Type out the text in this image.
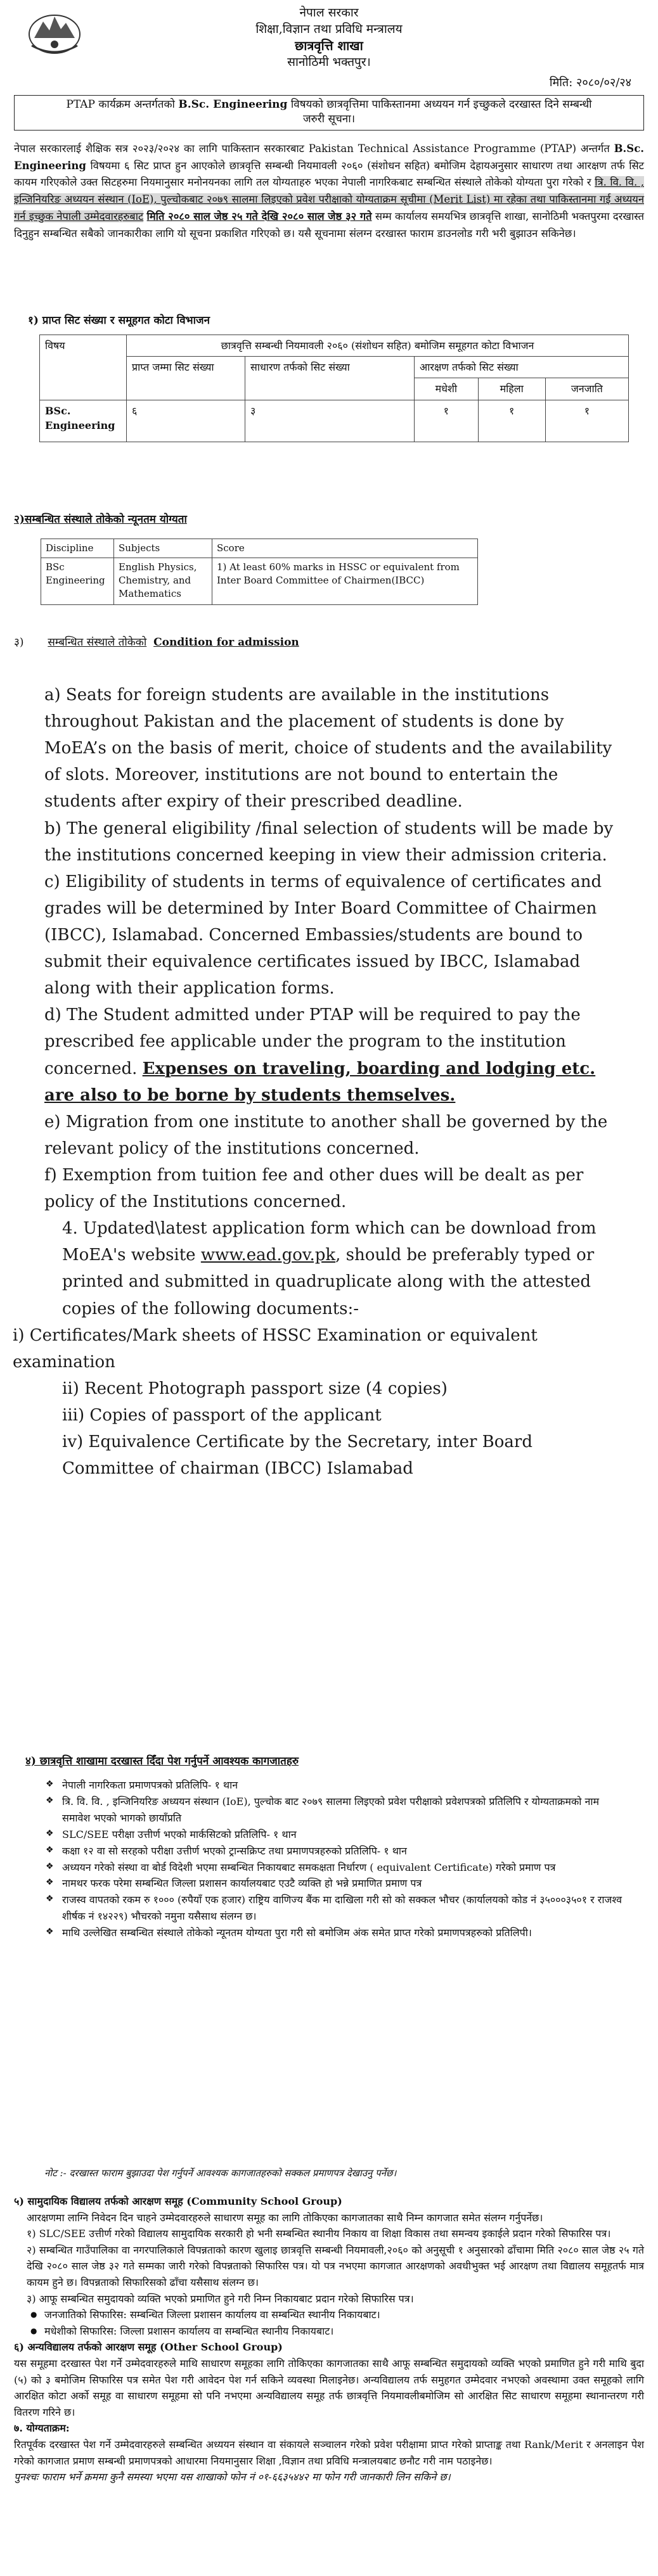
नेपाल सरकार
शिक्षा,विज्ञान तथा प्रविधि मन्त्रालय
छात्रवृत्ति शाखा
सानोठिमी भक्तपुर।
मिति: २०८०/०२/२४
PTAP कार्यक्रम अन्तर्गतको B.Sc. Engineering विषयको छात्रवृत्तिमा पाकिस्तानमा अध्ययन गर्न इच्छुकले दरखास्त दिने सम्बन्धी
जरुरी सूचना।
नेपाल सरकारलाई शैक्षिक सत्र २०२३/२०२४ का लागि पाकिस्तान सरकारबाट Pakistan Technical Assistance Programme (PTAP) अन्तर्गत B.Sc. Engineering विषयमा ६ सिट प्राप्त हुन आएकोले छात्रवृत्ति सम्बन्धी नियमावली २०६० (संशोधन सहित) बमोजिम देहायअनुसार साधारण तथा आरक्षण तर्फ सिट कायम गरिएकोले उक्त सिटहरुमा नियमानुसार मनोनयनका लागि तल योग्यताहरु भएका नेपाली नागरिकबाट सम्बन्धित संस्थाले तोकेको योग्यता पुरा गरेको र त्रि. वि. वि. , इन्जिनियरिङ अध्ययन संस्थान (IoE), पुल्चोकबाट २०७९ सालमा लिइएको प्रवेश परीक्षाको योग्यताक्रम सूचीमा (Merit List) मा रहेका तथा पाकिस्तानमा गई अध्ययन गर्न इच्छुक नेपाली उम्मेदवारहरुबाट मिति २०८० साल जेष्ठ २५ गते देखि २०८० साल जेष्ठ ३२ गते सम्म कार्यालय समयभित्र छात्रवृत्ति शाखा, सानोठिमी भक्तपुरमा दरखास्त दिनुहुन सम्बन्धित सबैको जानकारीका लागि यो सूचना प्रकाशित गरिएको छ। यसै सूचनामा संलग्न दरखास्त फाराम डाउनलोड गरी भरी बुझाउन सकिनेछ।
१) प्राप्त सिट संख्या र समूहगत कोटा विभाजन
विषय	छात्रवृत्ति सम्बन्धी नियमावली २०६० (संशोधन सहित) बमोजिम समूहगत कोटा विभाजन				
	प्राप्त जम्मा सिट संख्या	साधारण तर्फको सिट संख्या	आरक्षण तर्फको सिट संख्या		
			मधेशी	महिला	जनजाति
BSc. Engineering	६	३	१	१	१
२)सम्बन्धित संस्थाले तोकेको न्यूनतम योग्यता
Discipline	Subjects	Score
BSc Engineering	English Physics, Chemistry, and Mathematics	1) At least 60% marks in HSSC or equivalent from Inter Board Committee of Chairmen(IBCC)
३) सम्बन्धित संस्थाले तोकेको Condition for admission

a) Seats for foreign students are available in the institutions throughout Pakistan and the placement of students is done by MoEA’s on the basis of merit, choice of students and the availability of slots. Moreover, institutions are not bound to entertain the students after expiry of their prescribed deadline.

b) The general eligibility /final selection of students will be made by the institutions concerned keeping in view their admission criteria.

c) Eligibility of students in terms of equivalence of certificates and grades will be determined by Inter Board Committee of Chairmen (IBCC), Islamabad. Concerned Embassies/students are bound to submit their equivalence certificates issued by IBCC, Islamabad along with their application forms.

d) The Student admitted under PTAP will be required to pay the prescribed fee applicable under the program to the institution concerned. Expenses on traveling, boarding and lodging etc. are also to be borne by students themselves.

e) Migration from one institute to another shall be governed by the relevant policy of the institutions concerned.

f) Exemption from tuition fee and other dues will be dealt as per policy of the Institutions concerned.

4. Updated\latest application form which can be download from MoEA's website www.ead.gov.pk, should be preferably typed or printed and submitted in quadruplicate along with the attested copies of the following documents:-

i) Certificates/Mark sheets of HSSC Examination or equivalent examination

ii) Recent Photograph passport size (4 copies)

iii) Copies of passport of the applicant

iv) Equivalence Certificate by the Secretary, inter Board Committee of chairman (IBCC) Islamabad

४) छात्रवृत्ति शाखामा दरखास्त दिँदा पेश गर्नुपर्ने आवश्यक कागजातहरु
❖ नेपाली नागरिकता प्रमाणपत्रको प्रतिलिपि- १ थान
❖ त्रि. वि. वि. , इन्जिनियरिङ अध्ययन संस्थान (IoE), पुल्चोक बाट २०७९ सालमा लिइएको प्रवेश परीक्षाको प्रवेशपत्रको प्रतिलिपि र योग्यताक्रमको नाम समावेश भएको भागको छायाँप्रति
❖ SLC/SEE परीक्षा उत्तीर्ण भएको मार्कसिटको प्रतिलिपि- १ थान
❖ कक्षा १२ वा सो सरहको परीक्षा उत्तीर्ण भएको ट्रान्सक्रिप्ट तथा प्रमाणपत्रहरुको प्रतिलिपि- १ थान
❖ अध्ययन गरेको संस्था वा बोर्ड विदेशी भएमा सम्बन्धित निकायबाट समकक्षता निर्धारण ( equivalent Certificate) गरेको प्रमाण पत्र
❖ नामथर फरक परेमा सम्बन्धित जिल्ला प्रशासन कार्यालयबाट एउटै व्यक्ति हो भन्ने प्रमाणित प्रमाण पत्र
❖ राजस्व वापतको रकम रु १००० (रुपैयाँ एक हजार) राष्ट्रिय वाणिज्य बैंक मा दाखिला गरी सो को सक्कल भौचर (कार्यालयको कोड नं ३५०००३५०१ र राजश्व शीर्षक नं १४२२९) भौचरको नमुना यसैसाथ संलग्न छ।
❖ माथि उल्लेखित सम्बन्धित संस्थाले तोकेको न्यूनतम योग्यता पुरा गरी सो बमोजिम अंक समेत प्राप्त गरेको प्रमाणपत्रहरुको प्रतिलिपी।
नोट :- दरखास्त फाराम बुझाउदा पेश गर्नुपर्ने आवश्यक कागजातहरुको सक्कल प्रमाणपत्र देखाउनु पर्नेछ।
५) सामुदायिक विद्यालय तर्फको आरक्षण समूह (Community School Group)
आरक्षणमा लाग्नि निवेदन दिन चाहने उम्मेदवारहरुले साधारण समूह का लागि तोकिएका कागजातका साथै निम्न कागजात समेत संलग्न गर्नुपर्नेछ।
१) SLC/SEE उत्तीर्ण गरेको विद्यालय सामुदायिक सरकारी हो भनी सम्बन्धित स्थानीय निकाय वा शिक्षा विकास तथा समन्वय इकाईले प्रदान गरेको सिफारिस पत्र।
२) सम्बन्धित गाउँपालिका वा नगरपालिकाले विपन्नताको कारण खुलाइ छात्रवृत्ति सम्बन्धी नियमावली,२०६० को अनुसूची १ अनुसारको ढाँचामा मिति २०८० साल जेष्ठ २५ गते देखि २०८० साल जेष्ठ ३२ गते सम्मका जारी गरेको विपन्नताको सिफारिस पत्र। यो पत्र नभएमा कागजात आरक्षणको अवधीभुक्त भई आरक्षण तथा विद्यालय समूहतर्फ मात्र कायम हुने छ। विपन्नताको सिफारिसको ढाँचा यसैसाथ संलग्न छ।
३) आफू सम्बन्धित समुदायको व्यक्ति भएको प्रमाणित हुने गरी निम्न निकायबाट प्रदान गरेको सिफारिस पत्र।
● जनजातिको सिफारिस: सम्बन्धित जिल्ला प्रशासन कार्यालय वा सम्बन्धित स्थानीय निकायबाट।
● मधेशीको सिफारिस: जिल्ला प्रशासन कार्यालय वा सम्बन्धित स्थानीय निकायबाट।
६) अन्यविद्यालय तर्फको आरक्षण समूह (Other School Group)
यस समूहमा दरखास्त पेश गर्ने उम्मेदवारहरुले माथि साधारण समूहका लागि तोकिएका कागजातका साथै आफू सम्बन्धित समुदायको व्यक्ति भएको प्रमाणित हुने गरी माथि बुदा (५) को ३ बमोजिम सिफारिस पत्र समेत पेश गरी आवेदन पेश गर्न सकिने व्यवस्था मिलाइनेछ। अन्यविद्यालय तर्फ समुहगत उम्मेदवार नभएको अवस्थामा उक्त समूहको लागि आरक्षित कोटा अर्को समूह वा साधारण समूहमा सो पनि नभएमा अन्यविद्यालय समूह तर्फ छात्रवृत्ति नियमावलीबमोजिम सो आरक्षित सिट साधारण समूहमा स्थानान्तरण गरी वितरण गरिने छ।
७. योग्यताक्रम:
रितपूर्वक दरखास्त पेश गर्ने उम्मेदवारहरुले सम्बन्धित अध्ययन संस्थान वा संकायले सञ्चालन गरेको प्रवेश परीक्षामा प्राप्त गरेको प्राप्ताङ्क तथा Rank/Merit र अनलाइन पेश गरेको कागजात प्रमाण सम्बन्धी प्रमाणपत्रको आधारमा नियमानुसार शिक्षा ,विज्ञान तथा प्रविधि मन्त्रालयबाट छनौट गरी नाम पठाइनेछ।
पुनश्चः फाराम भर्ने क्रममा कुनै समस्या भएमा यस शाखाको फोन नं ०१-६६३५४४२ मा फोन गरी जानकारी लिन सकिने छ।
